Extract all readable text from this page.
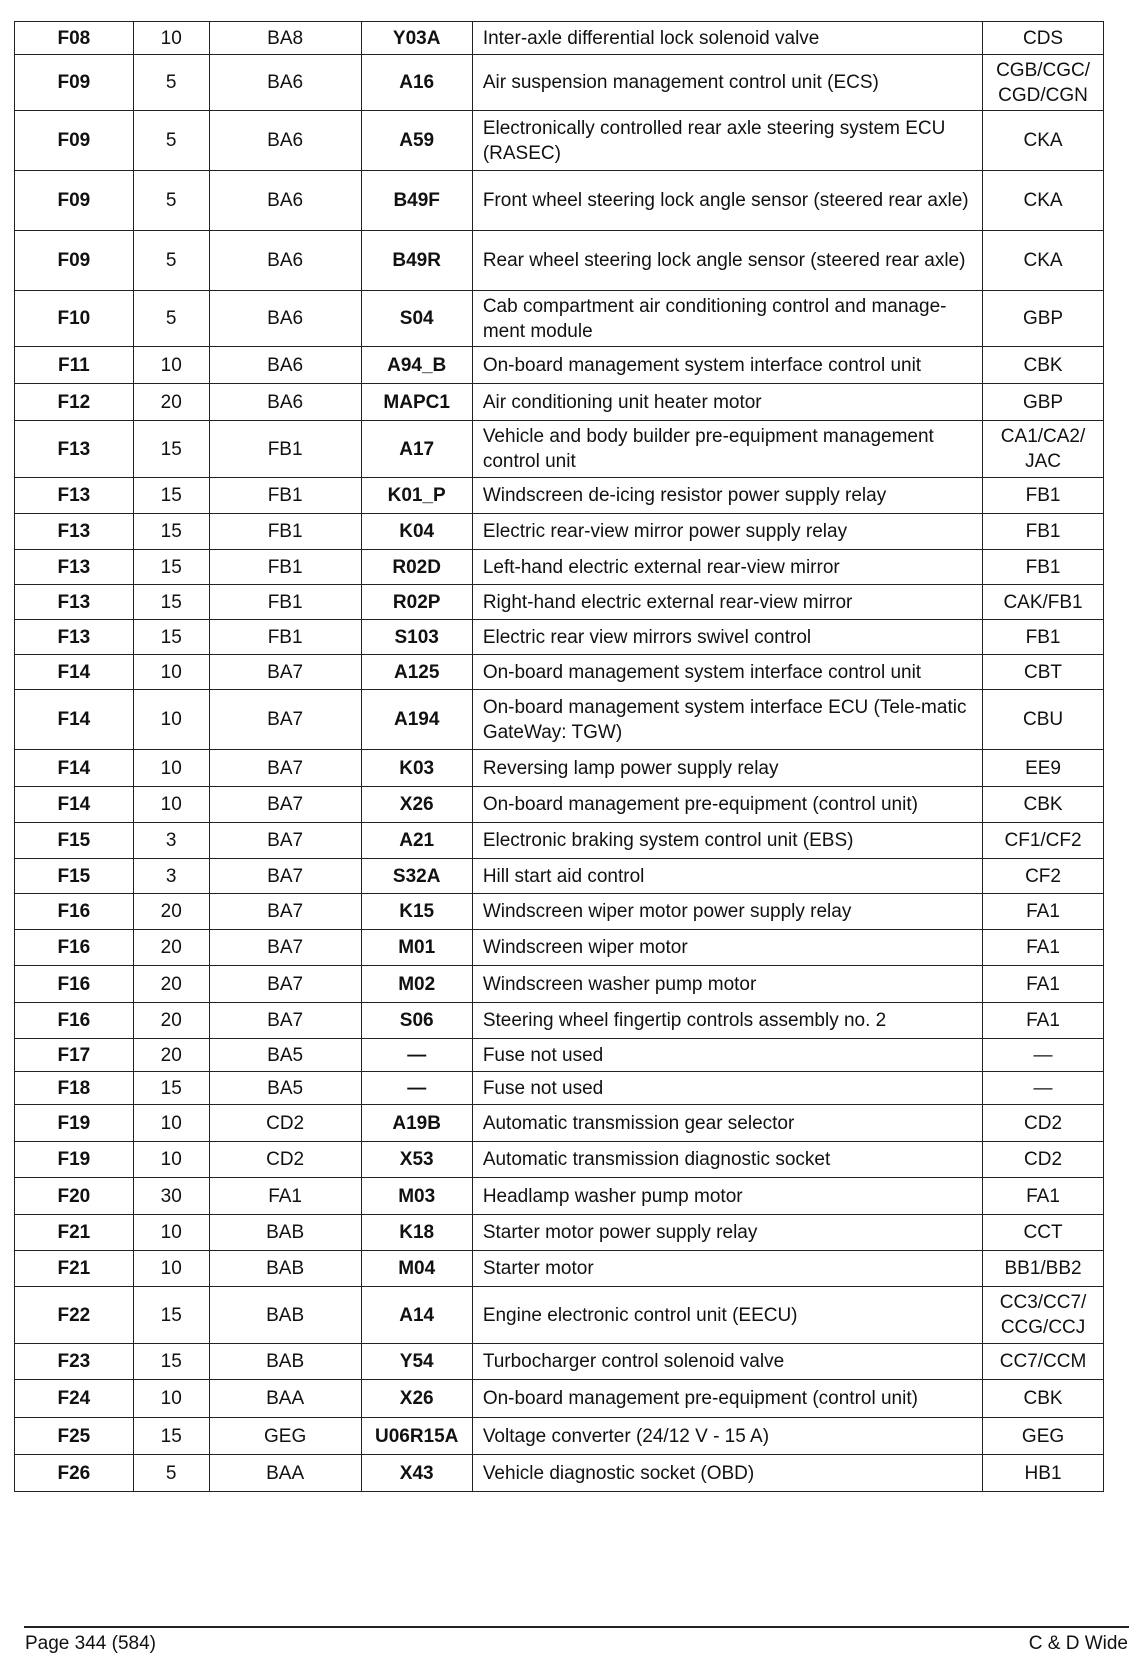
F08	10	BA8	Y03A	Inter-axle differential lock solenoid valve	CDS
F09	5	BA6	A16	Air suspension management control unit (ECS)	CGB/CGC/ CGD/CGN
F09	5	BA6	A59	Electronically controlled rear axle steering system ECU (RASEC)	CKA
F09	5	BA6	B49F	Front wheel steering lock angle sensor (steered rear axle)	CKA
F09	5	BA6	B49R	Rear wheel steering lock angle sensor (steered rear axle)	CKA
F10	5	BA6	S04	Cab compartment air conditioning control and manage-ment module	GBP
F11	10	BA6	A94_B	On-board management system interface control unit	CBK
F12	20	BA6	MAPC1	Air conditioning unit heater motor	GBP
F13	15	FB1	A17	Vehicle and body builder pre-equipment management control unit	CA1/CA2/ JAC
F13	15	FB1	K01_P	Windscreen de-icing resistor power supply relay	FB1
F13	15	FB1	K04	Electric rear-view mirror power supply relay	FB1
F13	15	FB1	R02D	Left-hand electric external rear-view mirror	FB1
F13	15	FB1	R02P	Right-hand electric external rear-view mirror	CAK/FB1
F13	15	FB1	S103	Electric rear view mirrors swivel control	FB1
F14	10	BA7	A125	On-board management system interface control unit	CBT
F14	10	BA7	A194	On-board management system interface ECU (Tele-matic GateWay: TGW)	CBU
F14	10	BA7	K03	Reversing lamp power supply relay	EE9
F14	10	BA7	X26	On-board management pre-equipment (control unit)	CBK
F15	3	BA7	A21	Electronic braking system control unit (EBS)	CF1/CF2
F15	3	BA7	S32A	Hill start aid control	CF2
F16	20	BA7	K15	Windscreen wiper motor power supply relay	FA1
F16	20	BA7	M01	Windscreen wiper motor	FA1
F16	20	BA7	M02	Windscreen washer pump motor	FA1
F16	20	BA7	S06	Steering wheel fingertip controls assembly no. 2	FA1
F17	20	BA5	—	Fuse not used	—
F18	15	BA5	—	Fuse not used	—
F19	10	CD2	A19B	Automatic transmission gear selector	CD2
F19	10	CD2	X53	Automatic transmission diagnostic socket	CD2
F20	30	FA1	M03	Headlamp washer pump motor	FA1
F21	10	BAB	K18	Starter motor power supply relay	CCT
F21	10	BAB	M04	Starter motor	BB1/BB2
F22	15	BAB	A14	Engine electronic control unit (EECU)	CC3/CC7/ CCG/CCJ
F23	15	BAB	Y54	Turbocharger control solenoid valve	CC7/CCM
F24	10	BAA	X26	On-board management pre-equipment (control unit)	CBK
F25	15	GEG	U06R15A	Voltage converter (24/12 V - 15 A)	GEG
F26	5	BAA	X43	Vehicle diagnostic socket (OBD)	HB1
Page 344 (584)	C & D Wide
